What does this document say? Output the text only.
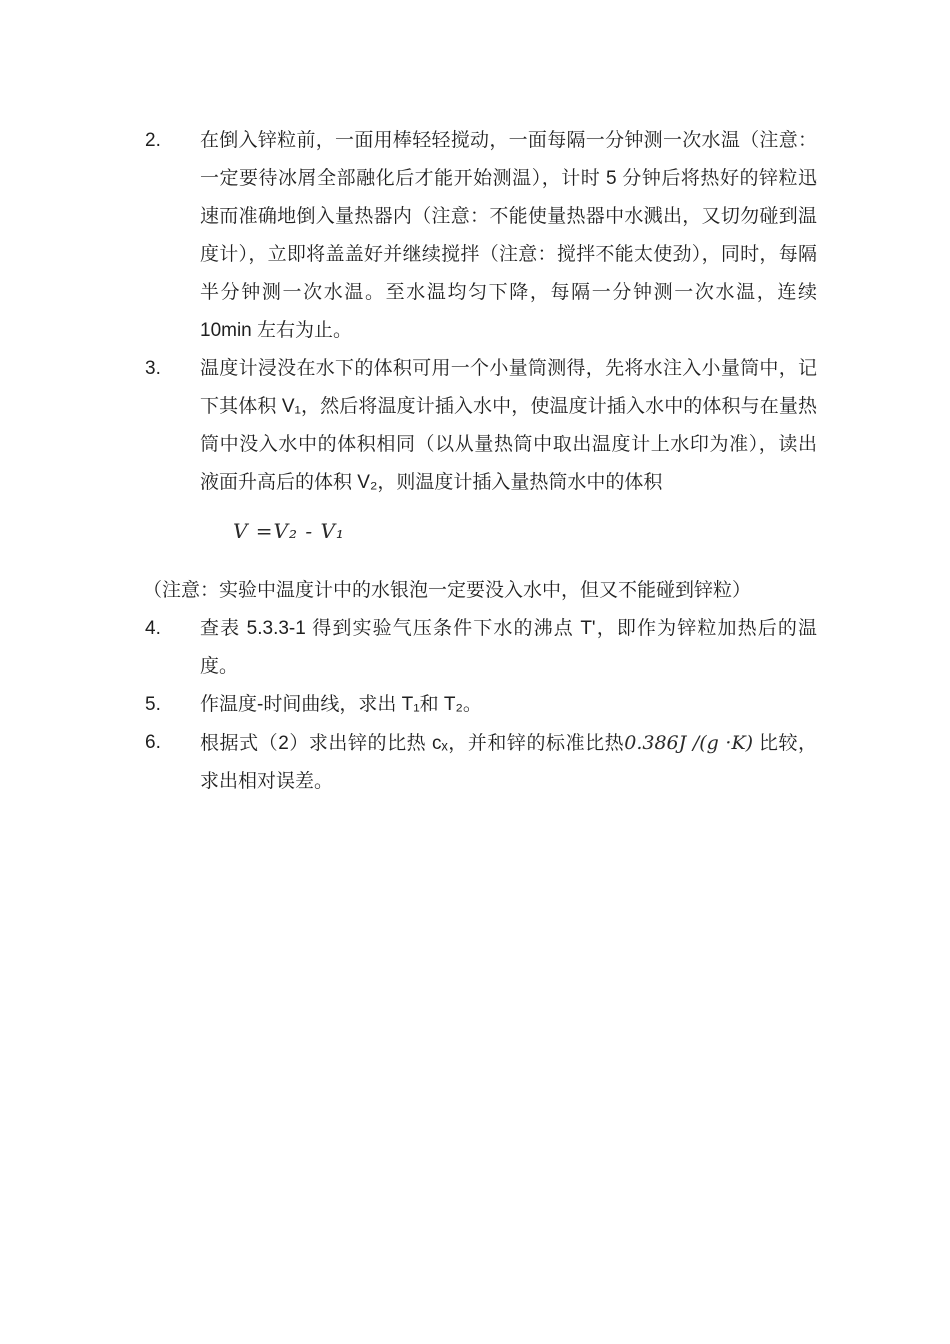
2.	在倒入锌粒前，一面用棒轻轻搅动，一面每隔一分钟测一次水温（注意：一定要待冰屑全部融化后才能开始测温），计时 5 分钟后将热好的锌粒迅速而准确地倒入量热器内（注意：不能使量热器中水溅出，又切勿碰到温度计），立即将盖盖好并继续搅拌（注意：搅拌不能太使劲），同时，每隔半分钟测一次水温。至水温均匀下降，每隔一分钟测一次水温，连续 10min 左右为止。
3.	温度计浸没在水下的体积可用一个小量筒测得，先将水注入小量筒中，记下其体积 V₁，然后将温度计插入水中，使温度计插入水中的体积与在量热筒中没入水中的体积相同（以从量热筒中取出温度计上水印为准），读出液面升高后的体积 V₂，则温度计插入量热筒水中的体积
V =V₂ - V₁
（注意：实验中温度计中的水银泡一定要没入水中，但又不能碰到锌粒）
4.	查表 5.3.3-1 得到实验气压条件下水的沸点 T'，即作为锌粒加热后的温度。
5.	作温度-时间曲线，求出 T₁和 T₂。
6.	根据式（2）求出锌的比热 cₓ，并和锌的标准比热0.386J /(g ·K) 比较，求出相对误差。
